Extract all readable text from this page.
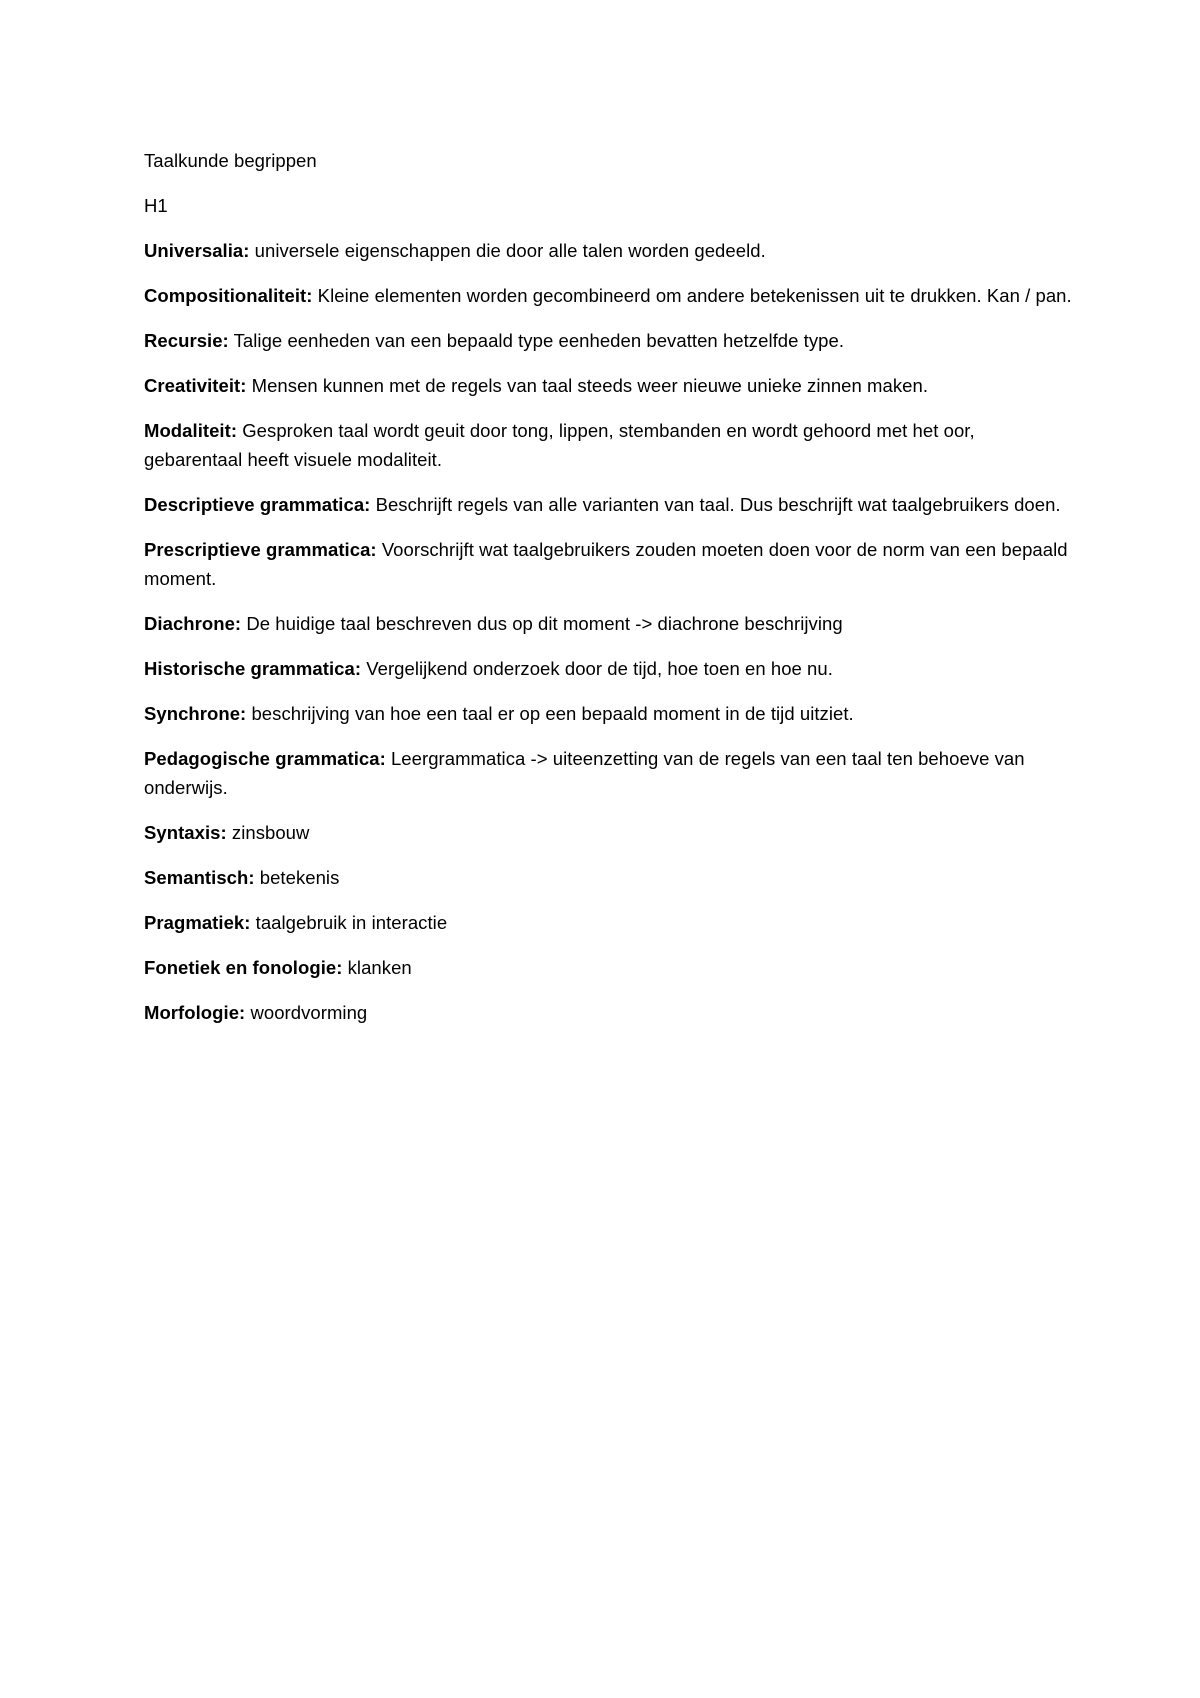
Taalkunde begrippen

H1

Universalia: universele eigenschappen die door alle talen worden gedeeld.

Compositionaliteit: Kleine elementen worden gecombineerd om andere betekenissen uit te drukken. Kan / pan.

Recursie: Talige eenheden van een bepaald type eenheden bevatten hetzelfde type.

Creativiteit: Mensen kunnen met de regels van taal steeds weer nieuwe unieke zinnen maken.

Modaliteit: Gesproken taal wordt geuit door tong, lippen, stembanden en wordt gehoord met het oor, gebarentaal heeft visuele modaliteit.

Descriptieve grammatica: Beschrijft regels van alle varianten van taal. Dus beschrijft wat taalgebruikers doen.

Prescriptieve grammatica: Voorschrijft wat taalgebruikers zouden moeten doen voor de norm van een bepaald moment.

Diachrone: De huidige taal beschreven dus op dit moment -> diachrone beschrijving

Historische grammatica: Vergelijkend onderzoek door de tijd, hoe toen en hoe nu.

Synchrone: beschrijving van hoe een taal er op een bepaald moment in de tijd uitziet.

Pedagogische grammatica: Leergrammatica -> uiteenzetting van de regels van een taal ten behoeve van onderwijs.

Syntaxis: zinsbouw

Semantisch: betekenis

Pragmatiek: taalgebruik in interactie

Fonetiek en fonologie: klanken

Morfologie: woordvorming
